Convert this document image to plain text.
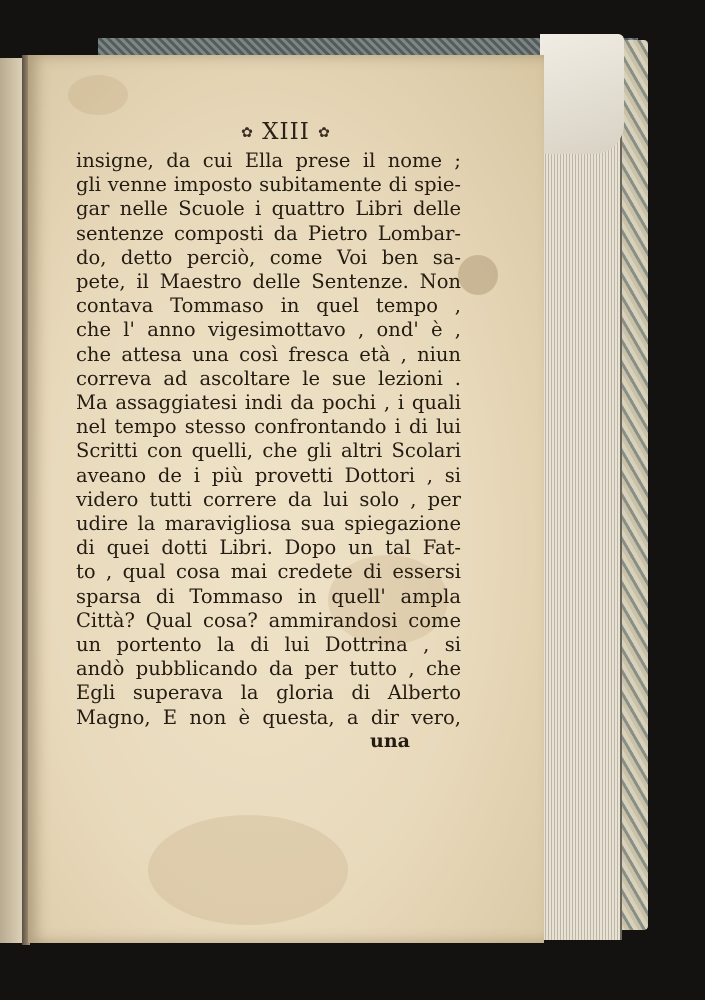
✿ XIII ✿
insigne, da cui Ella prese il nome ;
gli venne imposto subitamente di spie-
gar nelle Scuole i quattro Libri delle
sentenze composti da Pietro Lombar-
do, detto perciò, come Voi ben sa-
pete, il Maestro delle Sentenze. Non
contava Tommaso in quel tempo ,
che l' anno vigesimottavo , ond' è ,
che attesa una così fresca età , niun
correva ad ascoltare le sue lezioni .
Ma assaggiatesi indi da pochi , i quali
nel tempo stesso confrontando i di lui
Scritti con quelli, che gli altri Scolari
aveano de i più provetti Dottori , si
videro tutti correre da lui solo , per
udire la maravigliosa sua spiegazione
di quei dotti Libri. Dopo un tal Fat-
to , qual cosa mai credete di essersi
sparsa di Tommaso in quell' ampla
Città? Qual cosa? ammirandosi come
un portento la di lui Dottrina , si
andò pubblicando da per tutto , che
Egli superava la gloria di Alberto
Magno, E non è questa, a dir vero,
una
